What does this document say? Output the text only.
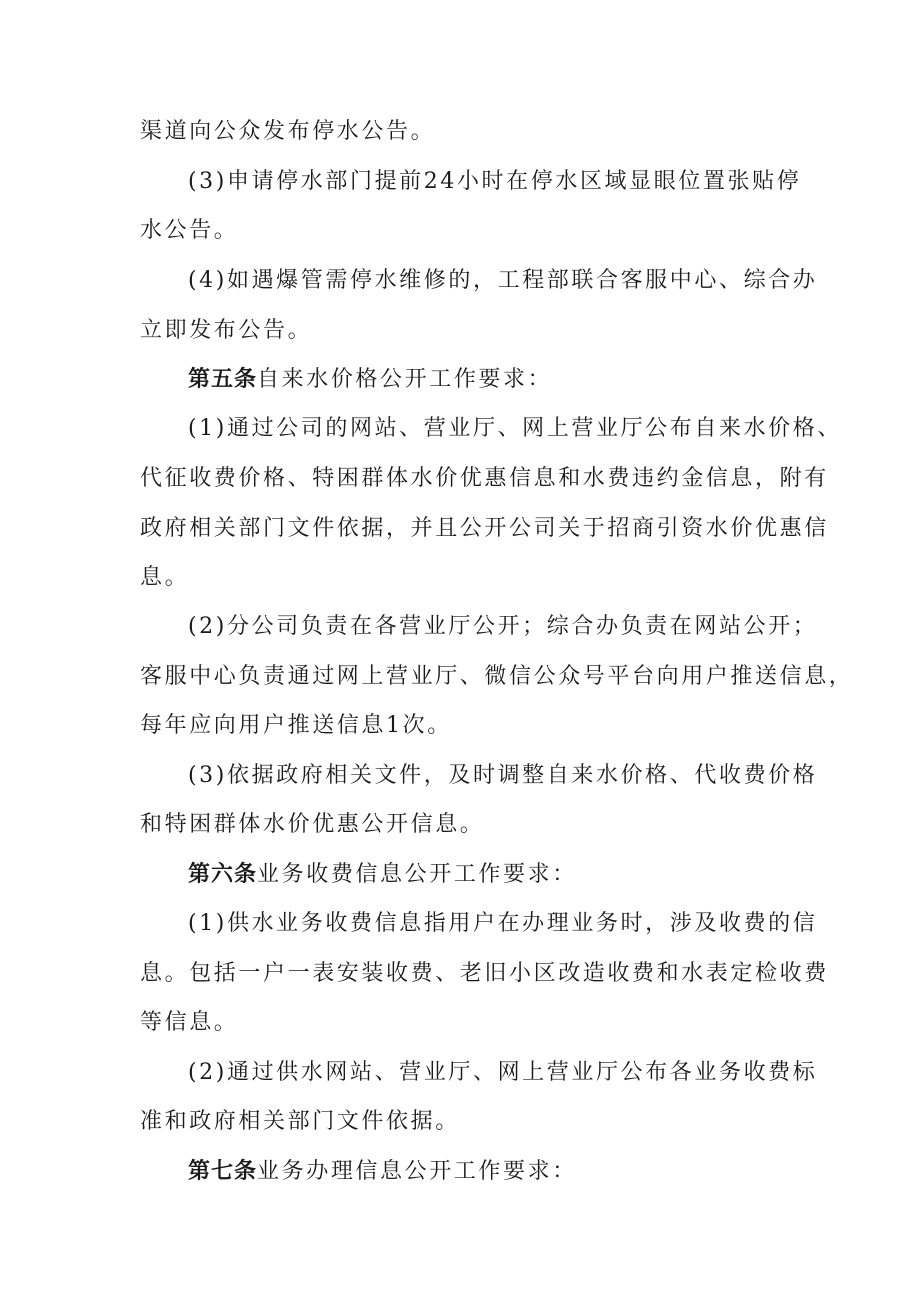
渠道向公众发布停水公告。

(3)申请停水部门提前24小时在停水区域显眼位置张贴停

水公告。

(4)如遇爆管需停水维修的，工程部联合客服中心、综合办

立即发布公告。

第五条自来水价格公开工作要求：

(1)通过公司的网站、营业厅、网上营业厅公布自来水价格、

代征收费价格、特困群体水价优惠信息和水费违约金信息，附有

政府相关部门文件依据，并且公开公司关于招商引资水价优惠信

息。

(2)分公司负责在各营业厅公开；综合办负责在网站公开；

客服中心负责通过网上营业厅、微信公众号平台向用户推送信息，

每年应向用户推送信息1次。

(3)依据政府相关文件，及时调整自来水价格、代收费价格

和特困群体水价优惠公开信息。

第六条业务收费信息公开工作要求：

(1)供水业务收费信息指用户在办理业务时，涉及收费的信

息。包括一户一表安装收费、老旧小区改造收费和水表定检收费

等信息。

(2)通过供水网站、营业厅、网上营业厅公布各业务收费标

准和政府相关部门文件依据。

第七条业务办理信息公开工作要求：
